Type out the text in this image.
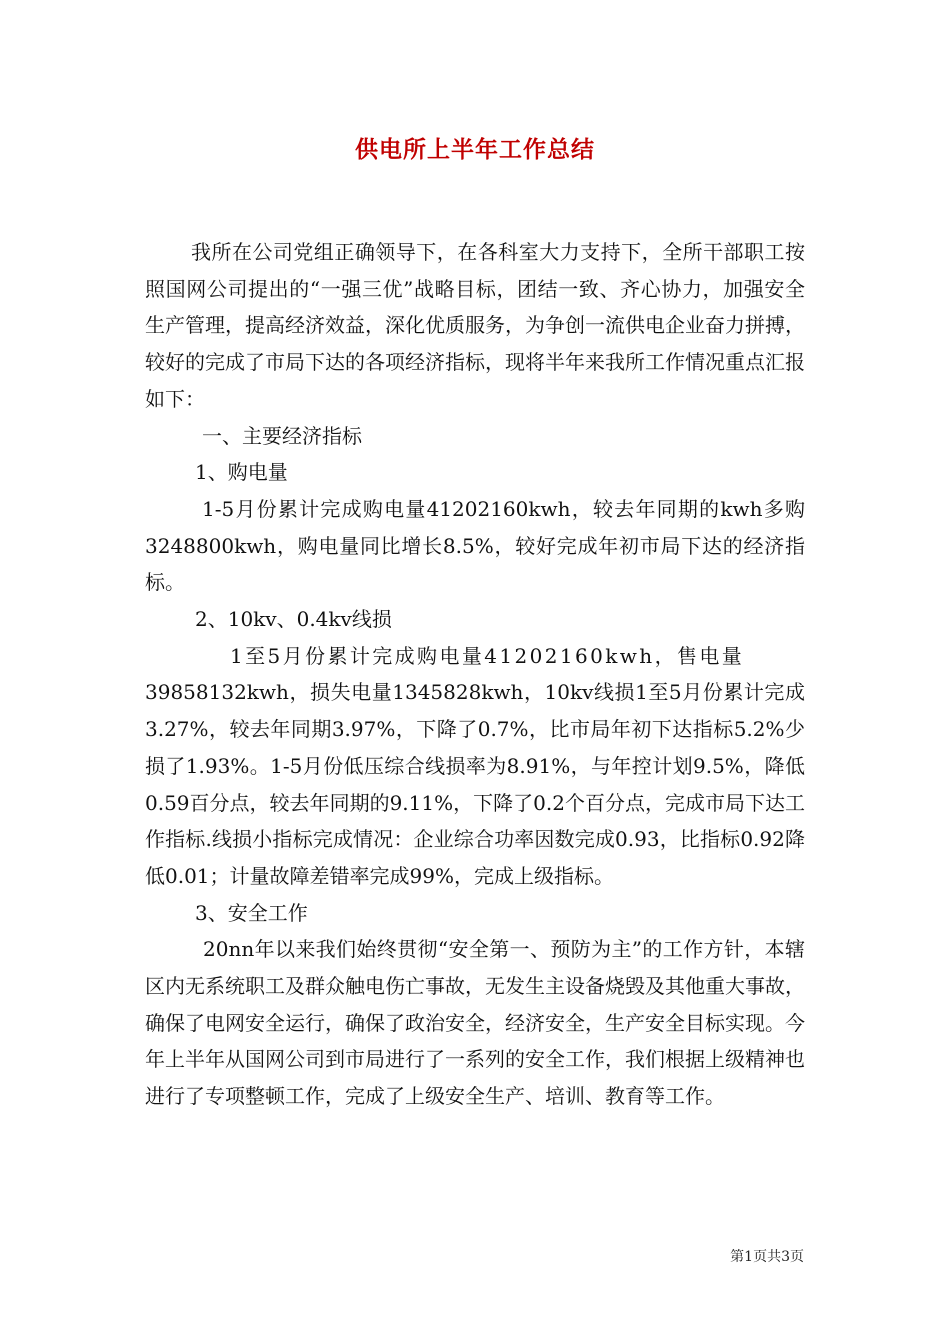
供电所上半年工作总结

我所在公司党组正确领导下，在各科室大力支持下，全所干部职工按照国网公司提出的“一强三优”战略目标，团结一致、齐心协力，加强安全生产管理，提高经济效益，深化优质服务，为争创一流供电企业奋力拼搏，较好的完成了市局下达的各项经济指标，现将半年来我所工作情况重点汇报如下：

一、主要经济指标

1、购电量

1-5月份累计完成购电量41202160kwh，较去年同期的kwh多购3248800kwh，购电量同比增长8.5%，较好完成年初市局下达的经济指标。

2、10kv、0.4kv线损

1至5月份累计完成购电量41202160kwh，售电量

39858132kwh，损失电量1345828kwh，10kv线损1至5月份累计完成3.27%，较去年同期3.97%，下降了0.7%，比市局年初下达指标5.2%少损了1.93%。1-5月份低压综合线损率为8.91%，与年控计划9.5%，降低0.59百分点，较去年同期的9.11%，下降了0.2个百分点，完成市局下达工作指标.线损小指标完成情况：企业综合功率因数完成0.93，比指标0.92降低0.01；计量故障差错率完成99%，完成上级指标。

3、安全工作

20nn年以来我们始终贯彻“安全第一、预防为主”的工作方针，本辖区内无系统职工及群众触电伤亡事故，无发生主设备烧毁及其他重大事故，确保了电网安全运行，确保了政治安全，经济安全，生产安全目标实现。今年上半年从国网公司到市局进行了一系列的安全工作，我们根据上级精神也进行了专项整顿工作，完成了上级安全生产、培训、教育等工作。

第1页共3页
